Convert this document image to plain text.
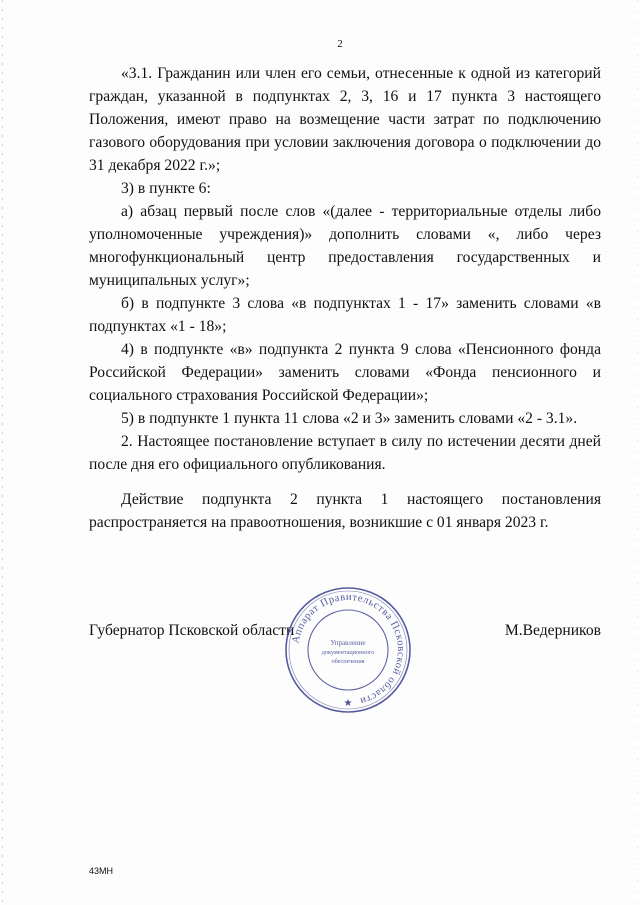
2

«3.1. Гражданин или член его семьи, отнесенные к одной из категорий граждан, указанной в подпунктах 2, 3, 16 и 17 пункта 3 настоящего Положения, имеют право на возмещение части затрат по подключению газового оборудования при условии заключения договора о подключении до 31 декабря 2022 г.»;

3) в пункте 6:

а) абзац первый после слов «(далее - территориальные отделы либо уполномоченные учреждения)» дополнить словами «, либо через многофункциональный центр предоставления государственных и муниципальных услуг»;

б) в подпункте 3 слова «в подпунктах 1 - 17» заменить словами «в подпунктах «1 - 18»;

4) в подпункте «в» подпункта 2 пункта 9 слова «Пенсионного фонда Российской Федерации» заменить словами «Фонда пенсионного и социального страхования Российской Федерации»;

5) в подпункте 1 пункта 11 слова «2 и 3» заменить словами «2 - 3.1».

2. Настоящее постановление вступает в силу по истечении десяти дней после дня его официального опубликования.

Действие подпункта 2 пункта 1 настоящего постановления распространяется на правоотношения, возникшие с 01 января 2023 г.

Губернатор Псковской области	М.Ведерников
Аппарат Правительства Псковской области
Управление
документационного
обеспечения
★
43МН
